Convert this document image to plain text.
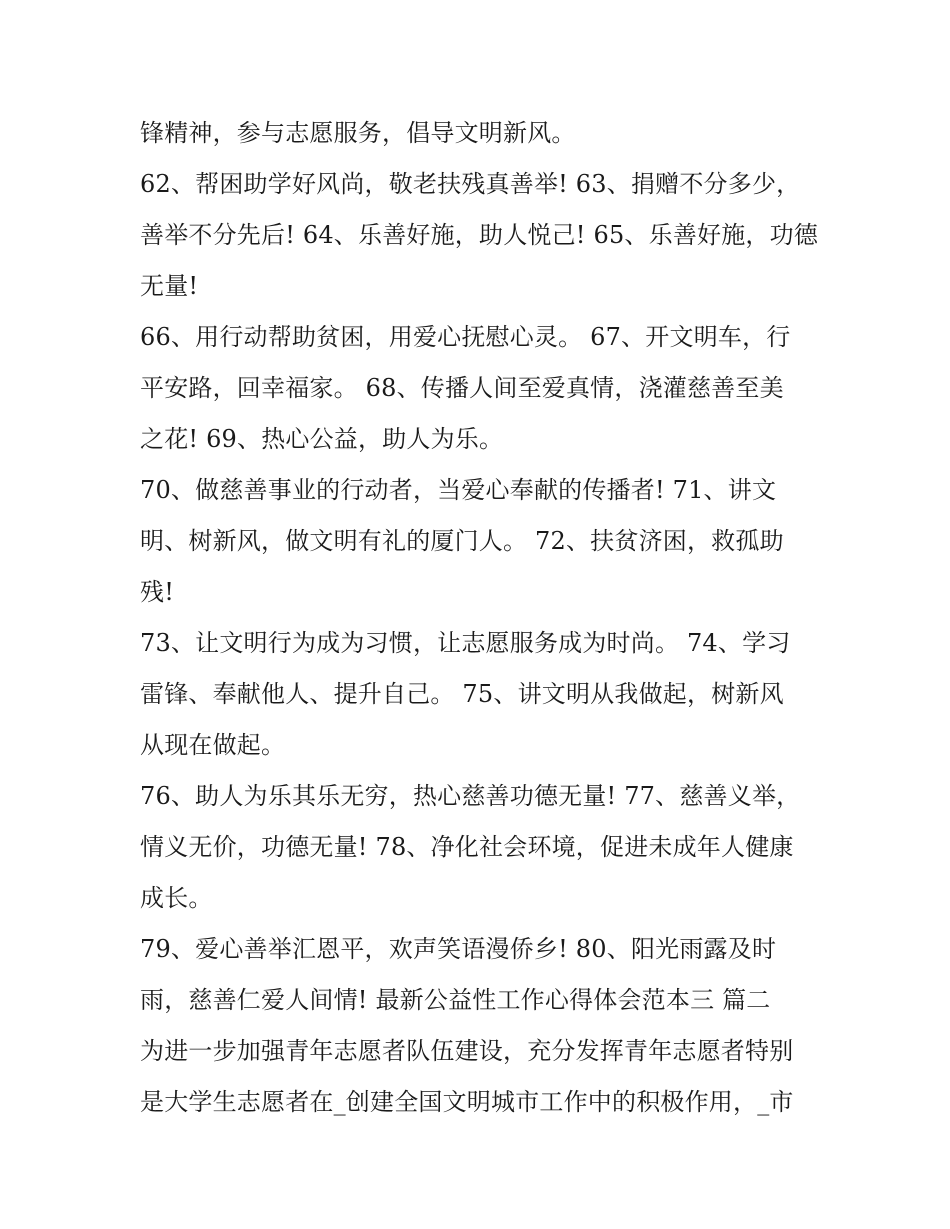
锋精神，参与志愿服务，倡导文明新风。
62、帮困助学好风尚，敬老扶残真善举! 63、捐赠不分多少，
善举不分先后! 64、乐善好施，助人悦己! 65、乐善好施，功德
无量!
66、用行动帮助贫困，用爱心抚慰心灵。 67、开文明车，行
平安路，回幸福家。 68、传播人间至爱真情，浇灌慈善至美
之花! 69、热心公益，助人为乐。
70、做慈善事业的行动者，当爱心奉献的传播者! 71、讲文
明、树新风，做文明有礼的厦门人。 72、扶贫济困，救孤助
残!
73、让文明行为成为习惯，让志愿服务成为时尚。 74、学习
雷锋、奉献他人、提升自己。 75、讲文明从我做起，树新风
从现在做起。
76、助人为乐其乐无穷，热心慈善功德无量! 77、慈善义举，
情义无价，功德无量! 78、净化社会环境，促进未成年人健康
成长。
79、爱心善举汇恩平，欢声笑语漫侨乡! 80、阳光雨露及时
雨，慈善仁爱人间情! 最新公益性工作心得体会范本三 篇二
为进一步加强青年志愿者队伍建设，充分发挥青年志愿者特别
是大学生志愿者在_创建全国文明城市工作中的积极作用，_市
